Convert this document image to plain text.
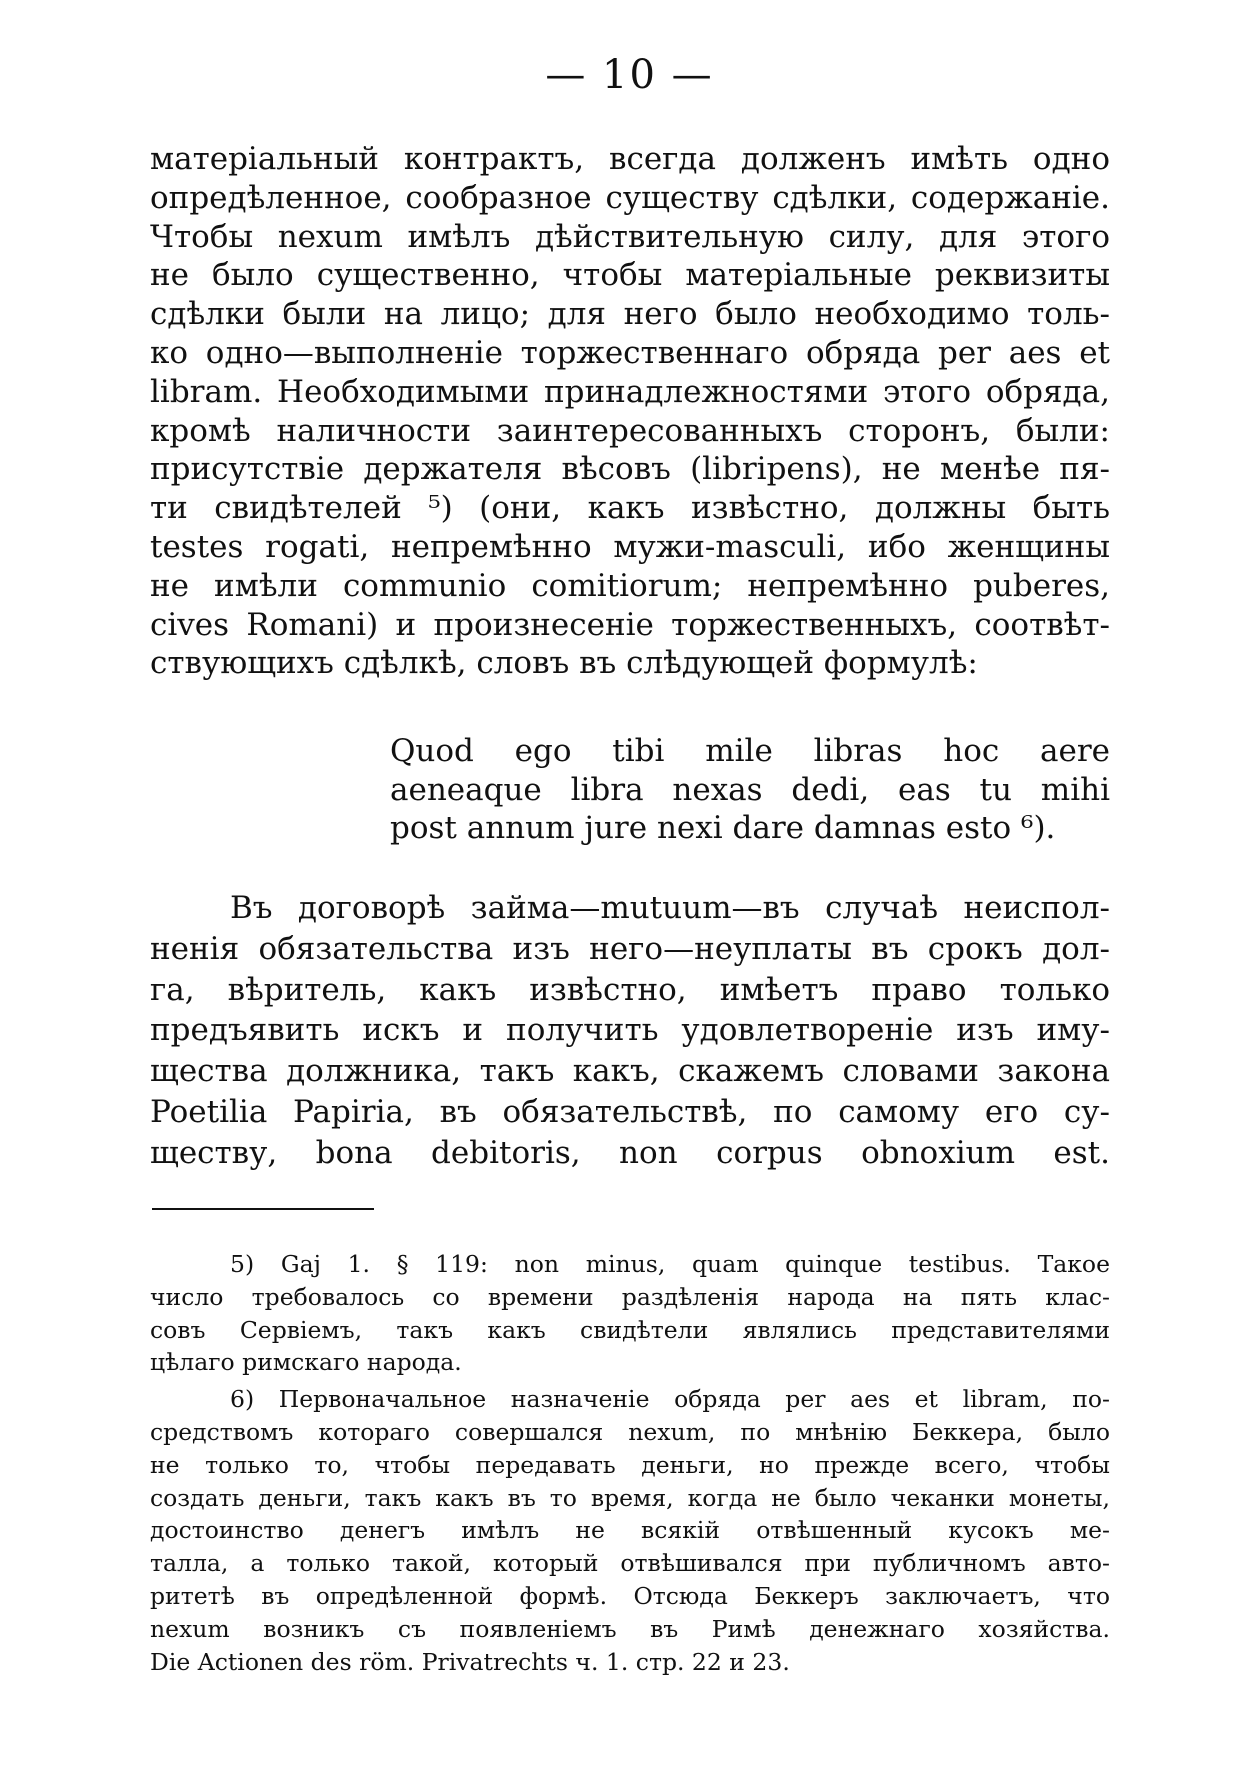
— 10 —
матеріальный контрактъ, всегда долженъ имѣть одно
опредѣленное, сообразное существу сдѣлки, содержаніе.
Чтобы nexum имѣлъ дѣйствительную силу, для этого
не было существенно, чтобы матеріальные реквизиты
сдѣлки были на лицо; для него было необходимо толь-
ко одно—выполненіе торжественнаго обряда per aes et
libram. Необходимыми принадлежностями этого обряда,
кромѣ наличности заинтересованныхъ сторонъ, были:
присутствіе держателя вѣсовъ (libripens), не менѣе пя-
ти свидѣтелей ⁵) (они, какъ извѣстно, должны быть
testes rogati, непремѣнно мужи-masculi, ибо женщины
не имѣли communio comitiorum; непремѣнно puberes,
cives Romani) и произнесеніе торжественныхъ, соотвѣт-
ствующихъ сдѣлкѣ, словъ въ слѣдующей формулѣ:
Quod ego tibi mile libras hoc aere
aeneaque libra nexas dedi, eas tu mihi
post annum jure nexi dare damnas esto ⁶).
Въ договорѣ займа—mutuum—въ случаѣ неиспол-
ненія обязательства изъ него—неуплаты въ срокъ дол-
га, вѣритель, какъ извѣстно, имѣетъ право только
предъявить искъ и получить удовлетвореніе изъ иму-
щества должника, такъ какъ, скажемъ словами закона
Poetilia Papiria, въ обязательствѣ, по самому его су-
ществу, bona debitoris, non corpus obnoxium est.
5) Gaj 1. § 119: non minus, quam quinque testibus. Такое
число требовалось со времени раздѣленія народа на пять клас-
совъ Сервіемъ, такъ какъ свидѣтели являлись представителями
цѣлаго римскаго народа.
6) Первоначальное назначеніе обряда per aes et libram, по-
средствомъ котораго совершался nexum, по мнѣнію Беккера, было
не только то, чтобы передавать деньги, но прежде всего, чтобы
создать деньги, такъ какъ въ то время, когда не было чеканки монеты,
достоинство денегъ имѣлъ не всякій отвѣшенный кусокъ ме-
талла, а только такой, который отвѣшивался при публичномъ авто-
ритетѣ въ опредѣленной формѣ. Отсюда Беккеръ заключаетъ, что
nexum возникъ съ появленіемъ въ Римѣ денежнаго хозяйства.
Die Actionen des röm. Privatrechts ч. 1. стр. 22 и 23.
